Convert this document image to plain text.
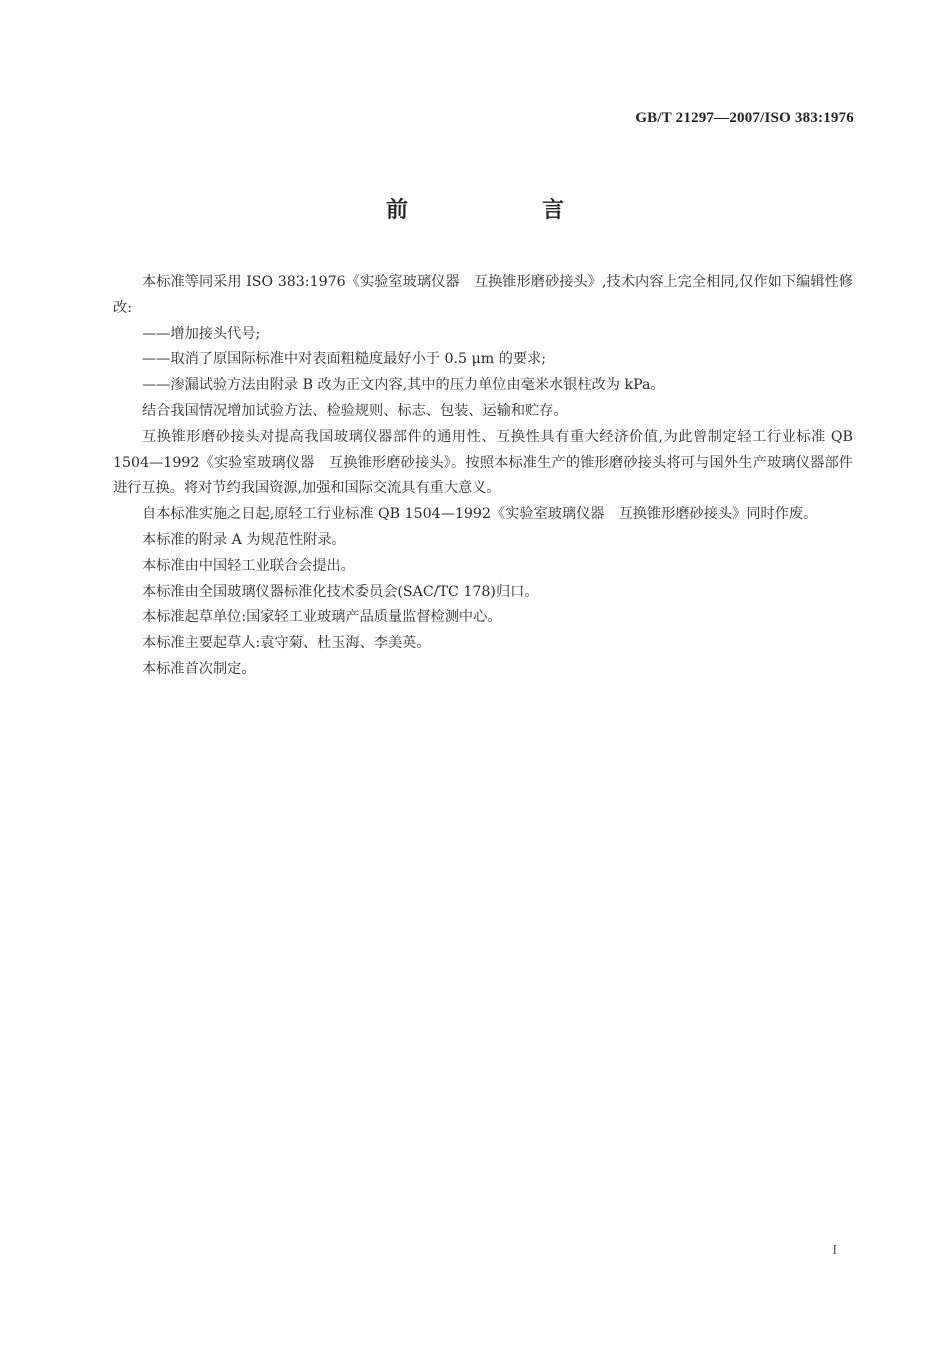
GB/T 21297—2007/ISO 383:1976
前　言

本标准等同采用 ISO 383:1976《实验室玻璃仪器　互换锥形磨砂接头》,技术内容上完全相同,仅作如下编辑性修改:

——增加接头代号;

——取消了原国际标准中对表面粗糙度最好小于 0.5 μm 的要求;

——渗漏试验方法由附录 B 改为正文内容,其中的压力单位由毫米水银柱改为 kPa。

结合我国情况增加试验方法、检验规则、标志、包装、运输和贮存。

互换锥形磨砂接头对提高我国玻璃仪器部件的通用性、互换性具有重大经济价值,为此曾制定轻工行业标准 QB 1504—1992《实验室玻璃仪器　互换锥形磨砂接头》。按照本标准生产的锥形磨砂接头将可与国外生产玻璃仪器部件进行互换。将对节约我国资源,加强和国际交流具有重大意义。

自本标准实施之日起,原轻工行业标准 QB 1504—1992《实验室玻璃仪器　互换锥形磨砂接头》同时作废。

本标准的附录 A 为规范性附录。

本标准由中国轻工业联合会提出。

本标准由全国玻璃仪器标准化技术委员会(SAC/TC 178)归口。

本标准起草单位:国家轻工业玻璃产品质量监督检测中心。

本标准主要起草人:袁守菊、杜玉海、李美英。

本标准首次制定。

I
